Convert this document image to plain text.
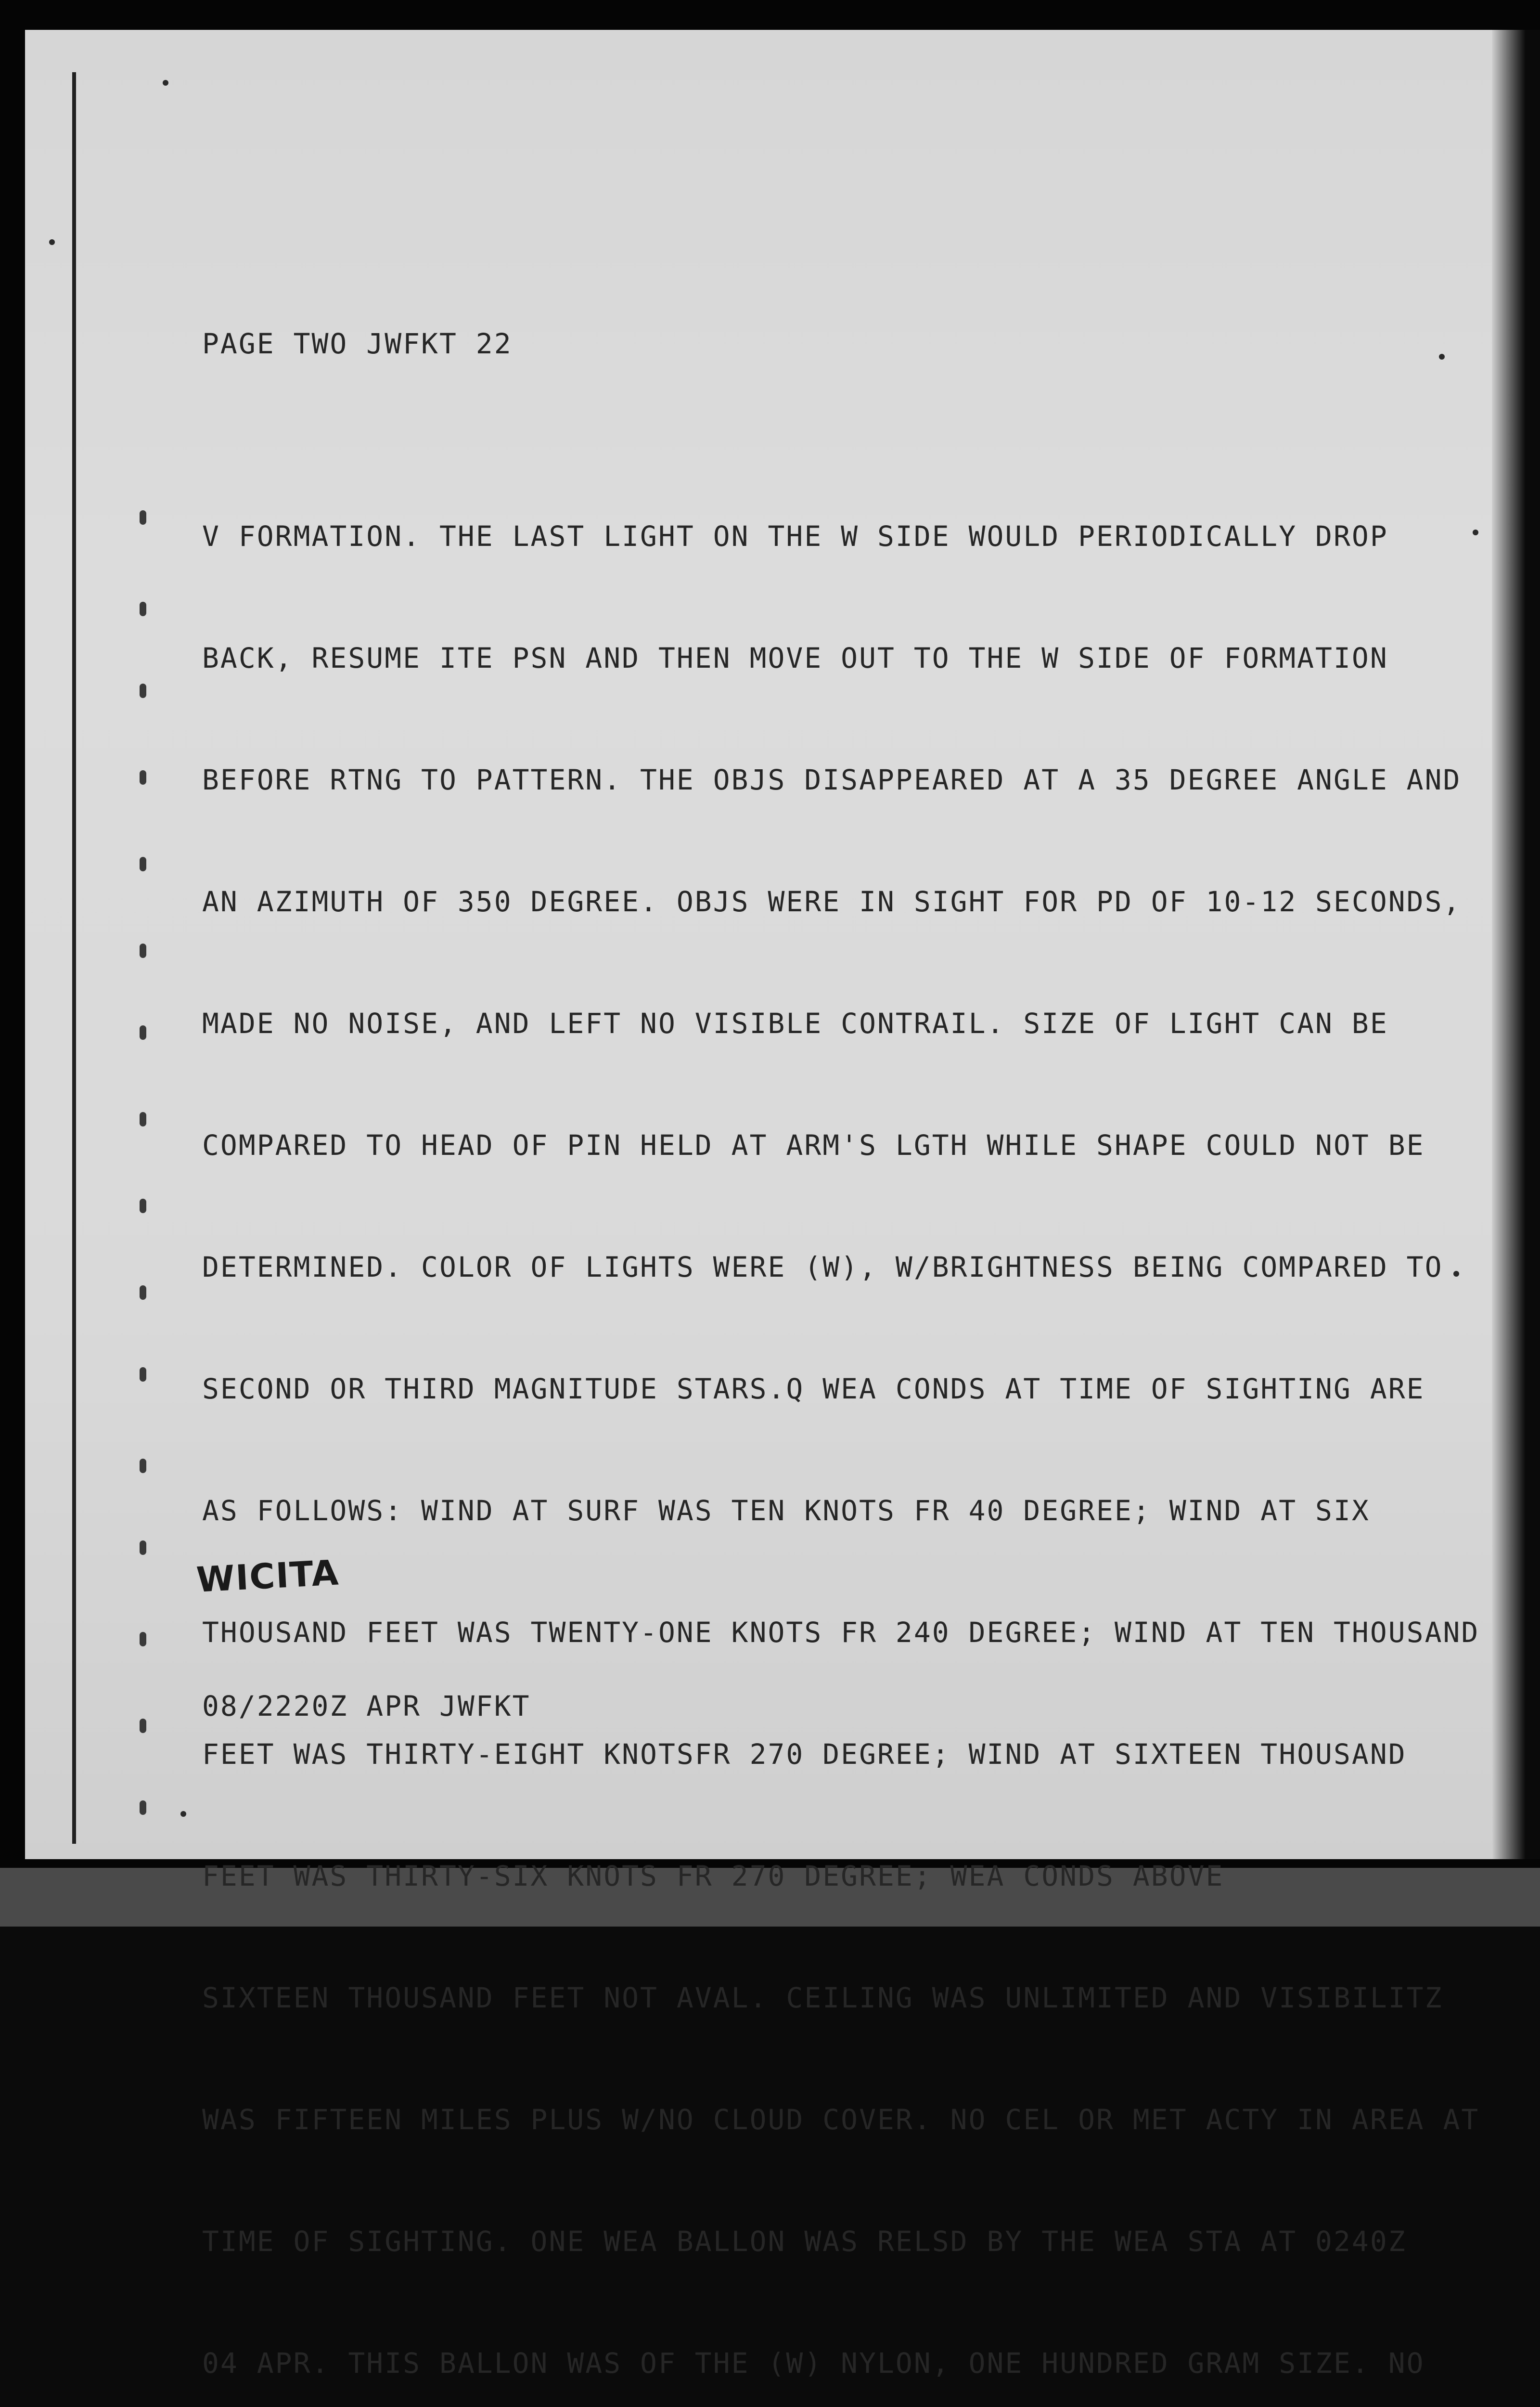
PAGE TWO JWFKT 22

V FORMATION. THE LAST LIGHT ON THE W SIDE WOULD PERIODICALLY DROP

BACK, RESUME ITE PSN AND THEN MOVE OUT TO THE W SIDE OF FORMATION

BEFORE RTNG TO PATTERN. THE OBJS DISAPPEARED AT A 35 DEGREE ANGLE AND

AN AZIMUTH OF 350 DEGREE. OBJS WERE IN SIGHT FOR PD OF 10-12 SECONDS,

MADE NO NOISE, AND LEFT NO VISIBLE CONTRAIL. SIZE OF LIGHT CAN BE

COMPARED TO HEAD OF PIN HELD AT ARM'S LGTH WHILE SHAPE COULD NOT BE

DETERMINED. COLOR OF LIGHTS WERE (W), W/BRIGHTNESS BEING COMPARED TO

SECOND OR THIRD MAGNITUDE STARS.Q WEA CONDS AT TIME OF SIGHTING ARE

AS FOLLOWS: WIND AT SURF WAS TEN KNOTS FR 40 DEGREE; WIND AT SIX

THOUSAND FEET WAS TWENTY-ONE KNOTS FR 240 DEGREE; WIND AT TEN THOUSAND

FEET WAS THIRTY-EIGHT KNOTSFR 270 DEGREE; WIND AT SIXTEEN THOUSAND

FEET WAS THIRTY-SIX KNOTS FR 270 DEGREE; WEA CONDS ABOVE

SIXTEEN THOUSAND FEET NOT AVAL. CEILING WAS UNLIMITED AND VISIBILITZ

WAS FIFTEEN MILES PLUS W/NO CLOUD COVER. NO CEL OR MET ACTY IN AREA AT

TIME OF SIGHTING. ONE WEA BALLON WAS RELSD BY THE WEA STA AT 0240Z

04 APR. THIS BALLON WAS OF THE (W) NYLON, ONE HUNDRED GRAM SIZE. NO

08/2220Z APR JWFKT

WICITA
